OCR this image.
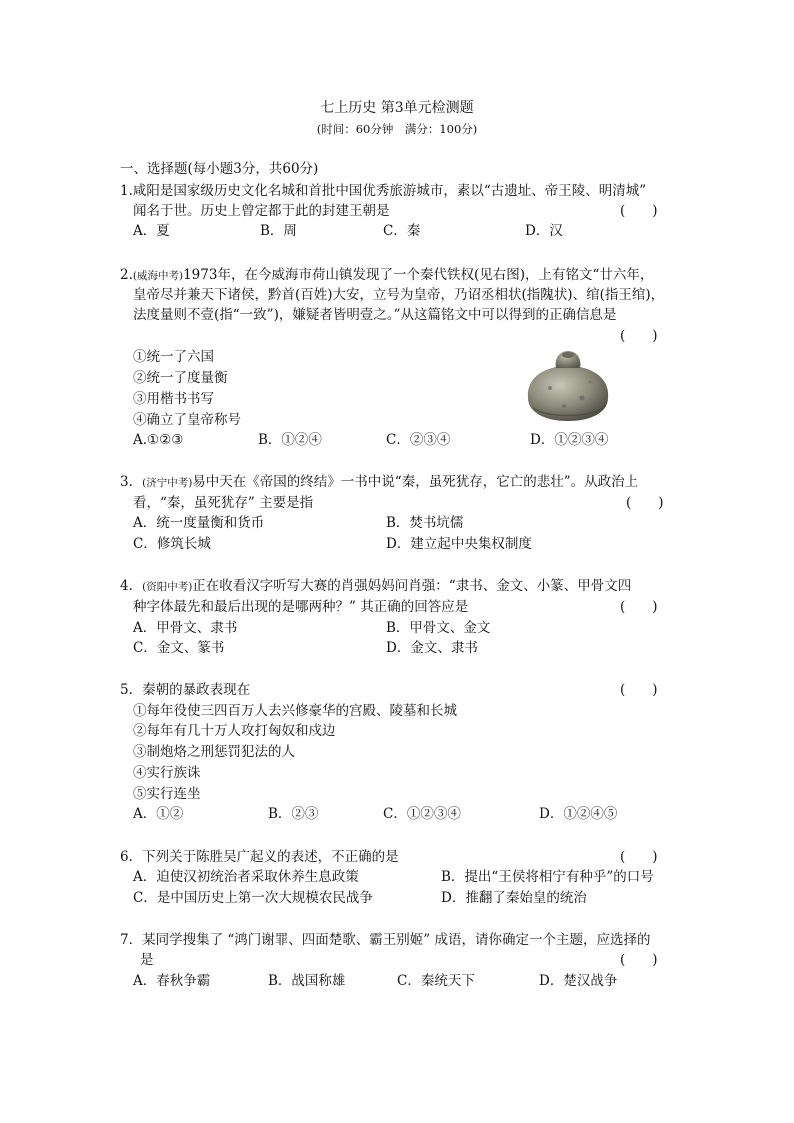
七上历史 第3单元检测题
(时间：60分钟　满分：100分)
一、选择题(每小题3分，共60分)
1.咸阳是国家级历史文化名城和首批中国优秀旅游城市，素以“古遗址、帝王陵、明清城”
闻名于世。历史上曾定都于此的封建王朝是	(　　)
A．夏	B．周	C．秦	D．汉
2.(威海中考)1973年，在今威海市荷山镇发现了一个秦代铁权(见右图)，上有铭文“廿六年，
皇帝尽并兼天下诸侯，黔首(百姓)大安，立号为皇帝，乃诏丞相状(指隗状)、绾(指王绾)，
法度量则不壹(指“一致”)，嫌疑者皆明壹之。”从这篇铭文中可以得到的正确信息是
(　　)
①统一了六国
②统一了度量衡
③用楷书书写
④确立了皇帝称号
A.①②③	B．①②④	C．②③④	D．①②③④
3．(济宁中考)易中天在《帝国的终结》一书中说“秦，虽死犹存，它亡的悲壮”。从政治上
看，“秦，虽死犹存” 主要是指	(　　)
A．统一度量衡和货币	B．焚书坑儒
C．修筑长城	D．建立起中央集权制度
4．(资阳中考)正在收看汉字听写大赛的肖强妈妈问肖强：“隶书、金文、小篆、甲骨文四
种字体最先和最后出现的是哪两种？” 其正确的回答应是	(　　)
A．甲骨文、隶书	B．甲骨文、金文
C．金文、篆书	D．金文、隶书
5．秦朝的暴政表现在	(　　)
①每年役使三四百万人去兴修豪华的宫殿、陵墓和长城
②每年有几十万人攻打匈奴和戍边
③制炮烙之刑惩罚犯法的人
④实行族诛
⑤实行连坐
A．①②	B．②③	C．①②③④	D．①②④⑤
6．下列关于陈胜吴广起义的表述，不正确的是	(　　)
A．迫使汉初统治者采取休养生息政策	B．提出“王侯将相宁有种乎”的口号
C．是中国历史上第一次大规模农民战争	D．推翻了秦始皇的统治
7．某同学搜集了 “鸿门谢罪、四面楚歌、霸王别姬” 成语，请你确定一个主题，应选择的
是	(　　)
A．春秋争霸	B．战国称雄	C．秦统天下	D．楚汉战争
